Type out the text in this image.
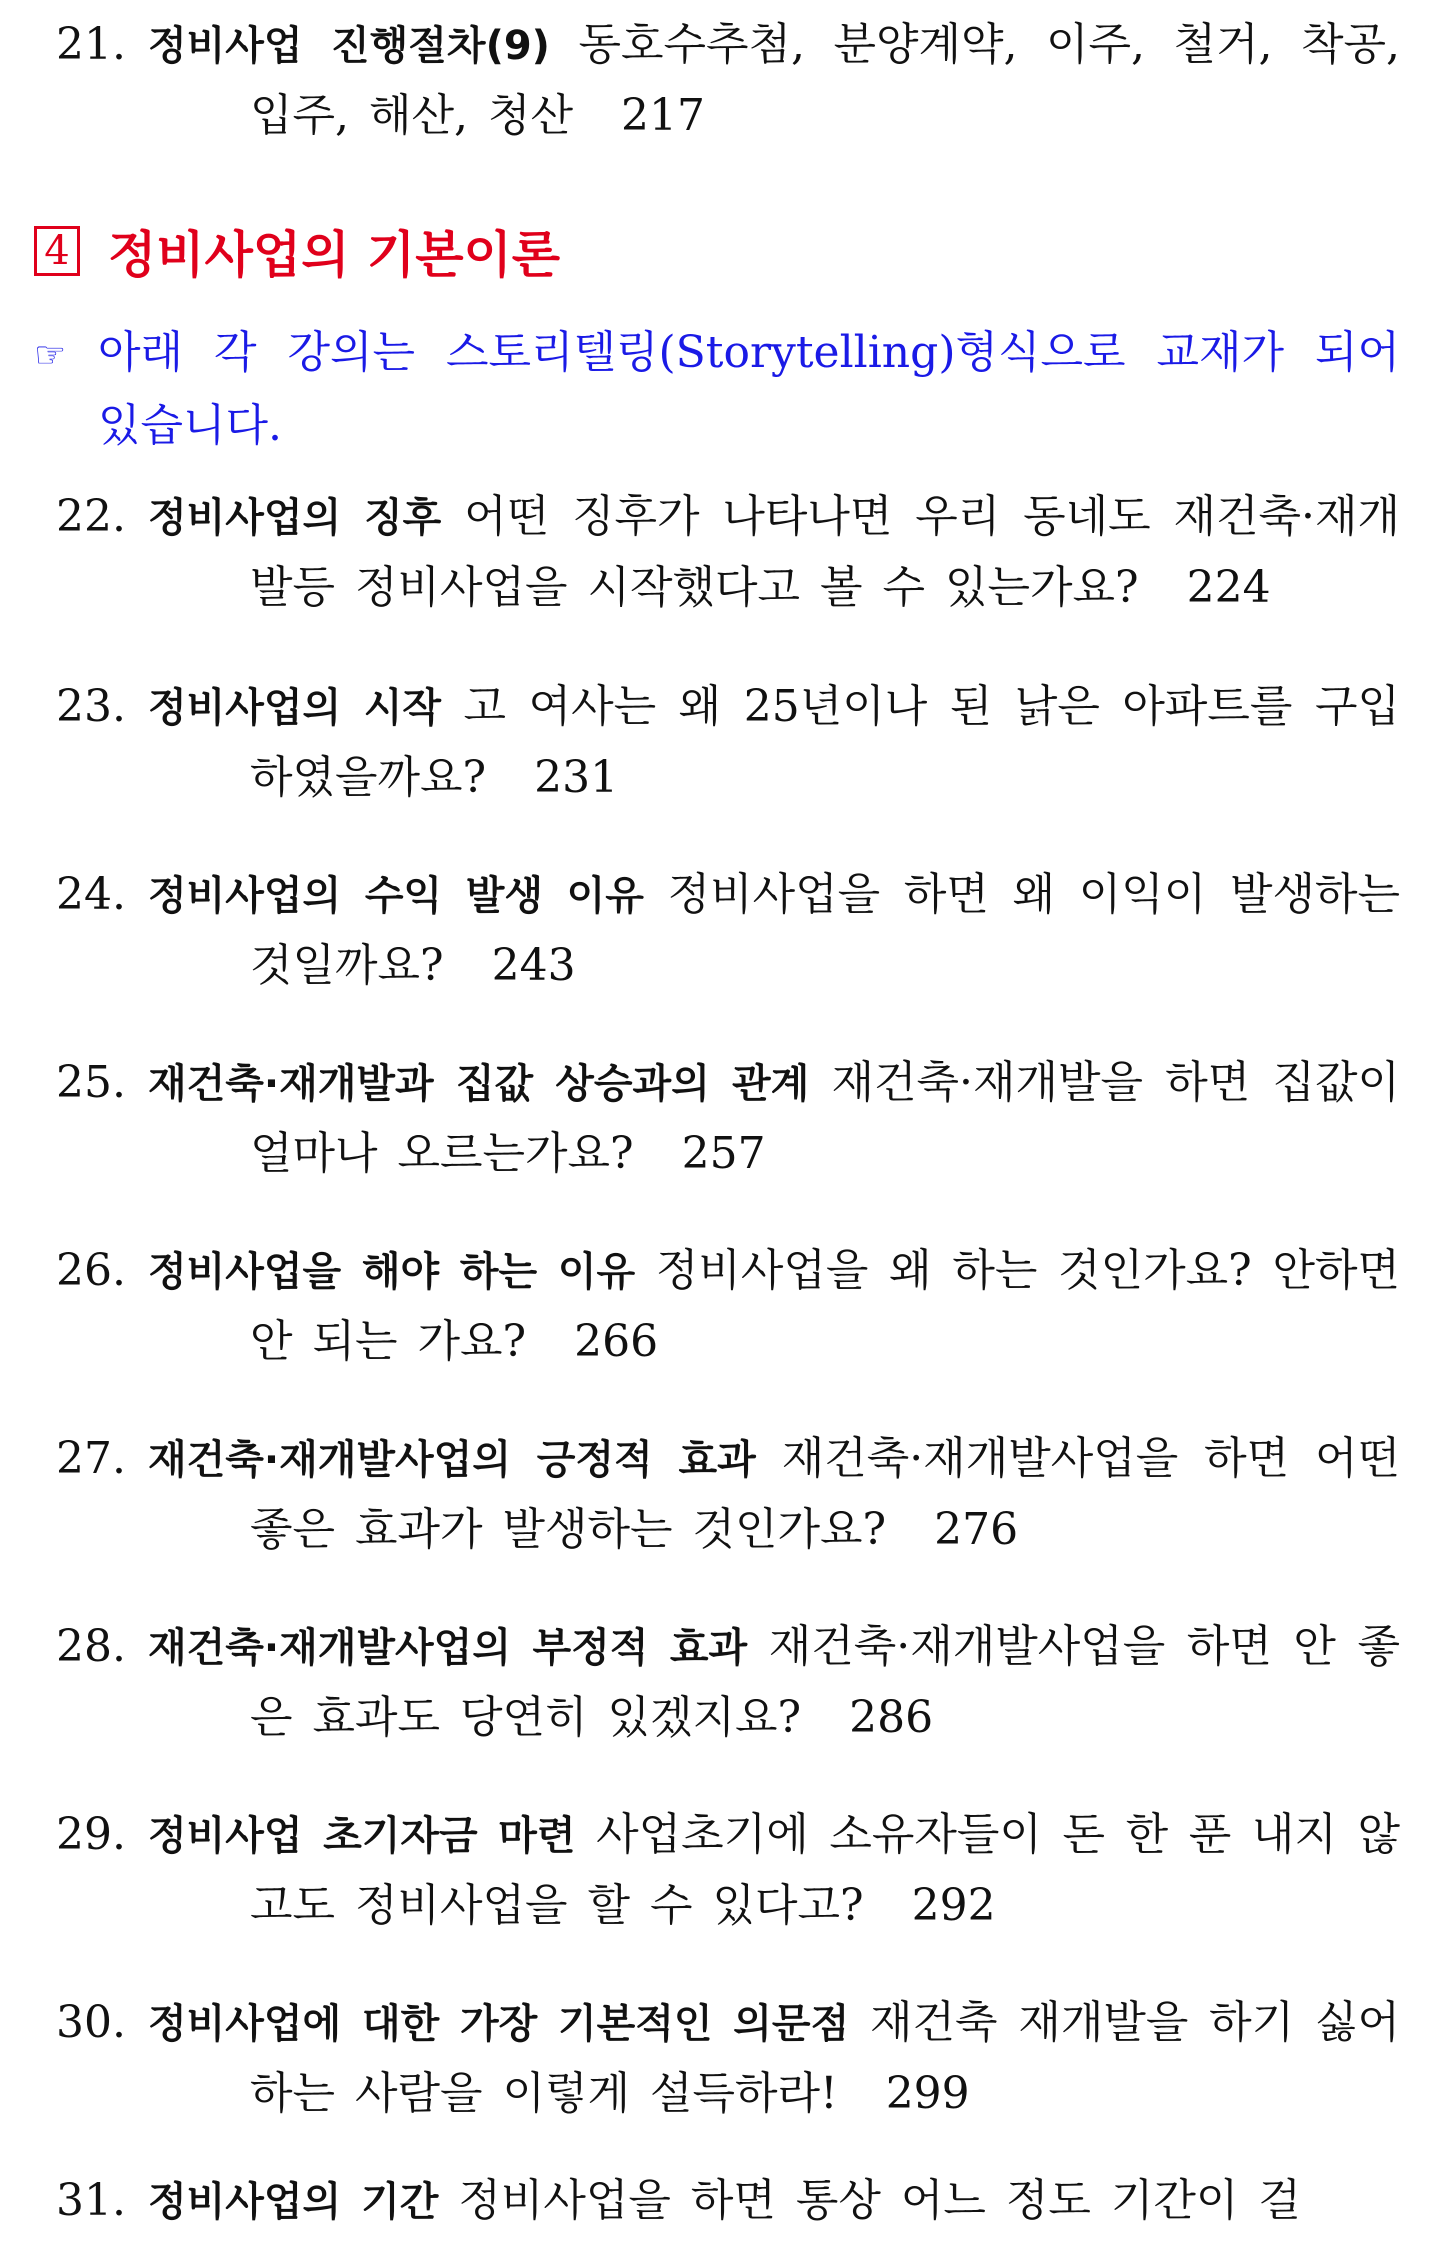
21. 정비사업 진행절차(9) 동호수추첨, 분양계약, 이주, 철거, 착공, 입주, 해산, 청산 217
4 정비사업의 기본이론
☞ 아래 각 강의는 스토리텔링(Storytelling)형식으로 교재가 되어 있습니다.
22. 정비사업의 징후 어떤 징후가 나타나면 우리 동네도 재건축·재개발등 정비사업을 시작했다고 볼 수 있는가요? 224
23. 정비사업의 시작 고 여사는 왜 25년이나 된 낡은 아파트를 구입하였을까요? 231
24. 정비사업의 수익 발생 이유 정비사업을 하면 왜 이익이 발생하는 것일까요? 243
25. 재건축·재개발과 집값 상승과의 관계 재건축·재개발을 하면 집값이 얼마나 오르는가요? 257
26. 정비사업을 해야 하는 이유 정비사업을 왜 하는 것인가요? 안하면 안 되는 가요? 266
27. 재건축·재개발사업의 긍정적 효과 재건축·재개발사업을 하면 어떤 좋은 효과가 발생하는 것인가요? 276
28. 재건축·재개발사업의 부정적 효과 재건축·재개발사업을 하면 안 좋은 효과도 당연히 있겠지요? 286
29. 정비사업 초기자금 마련 사업초기에 소유자들이 돈 한 푼 내지 않고도 정비사업을 할 수 있다고? 292
30. 정비사업에 대한 가장 기본적인 의문점 재건축 재개발을 하기 싫어하는 사람을 이렇게 설득하라! 299
31. 정비사업의 기간 정비사업을 하면 통상 어느 정도 기간이 걸
